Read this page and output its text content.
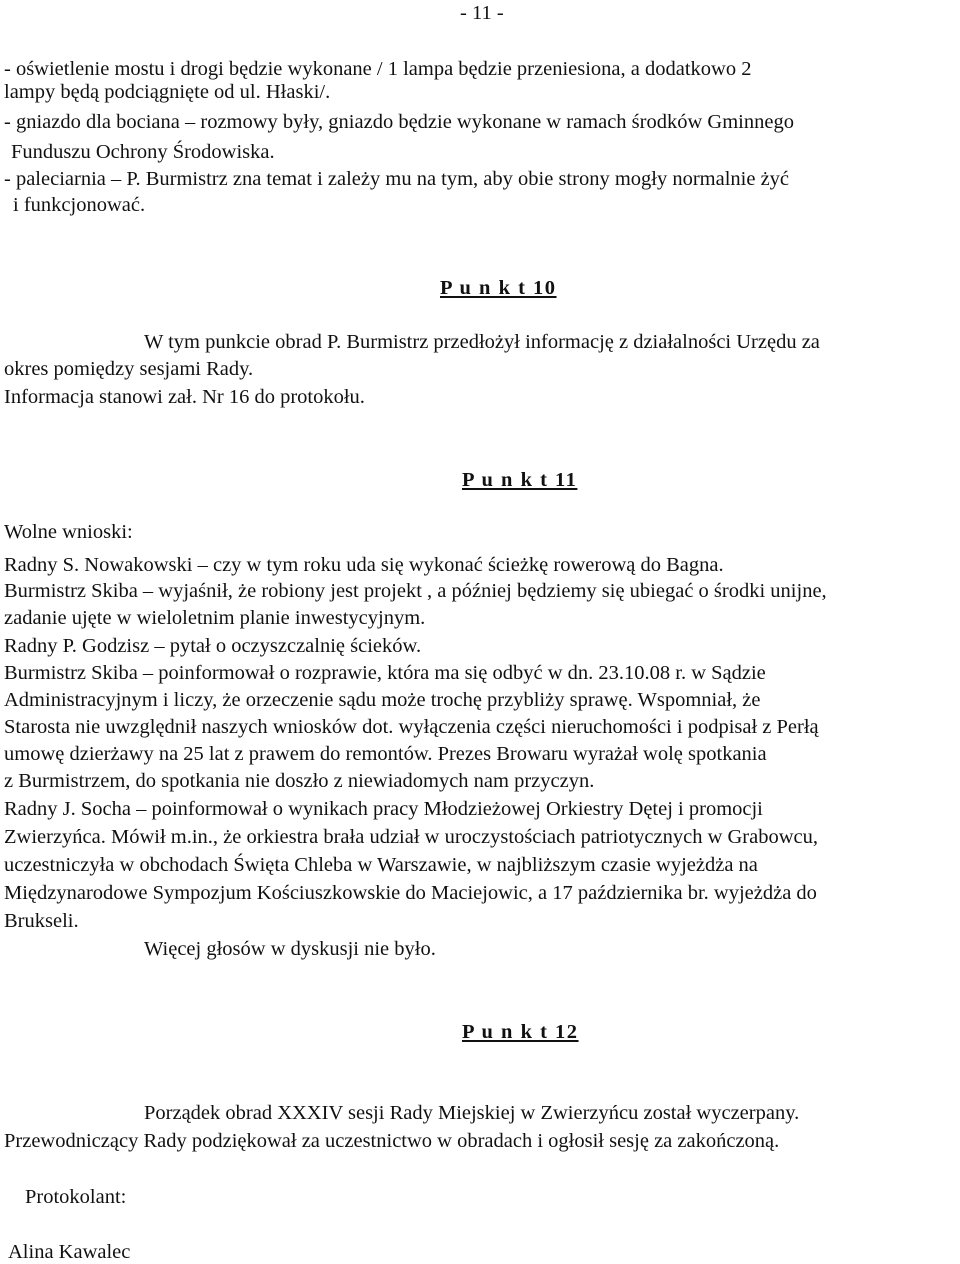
- 11 -
- oświetlenie mostu i drogi będzie wykonane / 1 lampa będzie przeniesiona, a dodatkowo 2
lampy będą podciągnięte od ul. Hłaski/.
- gniazdo dla bociana – rozmowy były, gniazdo będzie wykonane w ramach środków Gminnego
Funduszu Ochrony Środowiska.
- paleciarnia – P. Burmistrz zna temat i zależy mu na tym, aby obie strony mogły normalnie żyć
i funkcjonować.
P u n k t 10
W tym punkcie obrad P. Burmistrz przedłożył informację z działalności Urzędu za
okres pomiędzy sesjami Rady.
Informacja stanowi zał. Nr 16 do protokołu.
P u n k t 11
Wolne wnioski:
Radny S. Nowakowski – czy w tym roku uda się wykonać ścieżkę rowerową do Bagna.
Burmistrz Skiba – wyjaśnił, że robiony jest projekt , a później będziemy się ubiegać o środki unijne,
zadanie ujęte w wieloletnim planie inwestycyjnym.
Radny P. Godzisz – pytał o oczyszczalnię ścieków.
Burmistrz Skiba – poinformował o rozprawie, która ma się odbyć w dn. 23.10.08 r. w Sądzie
Administracyjnym i liczy, że orzeczenie sądu może trochę przybliży sprawę. Wspomniał, że
Starosta nie uwzględnił naszych wniosków dot. wyłączenia części nieruchomości i podpisał z Perłą
umowę dzierżawy na 25 lat z prawem do remontów. Prezes Browaru wyrażał wolę spotkania
z Burmistrzem, do spotkania nie doszło z niewiadomych nam przyczyn.
Radny J. Socha – poinformował o wynikach pracy Młodzieżowej Orkiestry Dętej i promocji
Zwierzyńca. Mówił m.in., że orkiestra brała udział w uroczystościach patriotycznych w Grabowcu,
uczestniczyła w obchodach Święta Chleba w Warszawie, w najbliższym czasie wyjeżdża na
Międzynarodowe Sympozjum Kościuszkowskie do Maciejowic, a 17 października br. wyjeżdża do
Brukseli.
Więcej głosów w dyskusji nie było.
P u n k t 12
Porządek obrad XXXIV sesji Rady Miejskiej w Zwierzyńcu został wyczerpany.
Przewodniczący Rady podziękował za uczestnictwo w obradach i ogłosił sesję za zakończoną.
Protokolant:
Alina Kawalec
